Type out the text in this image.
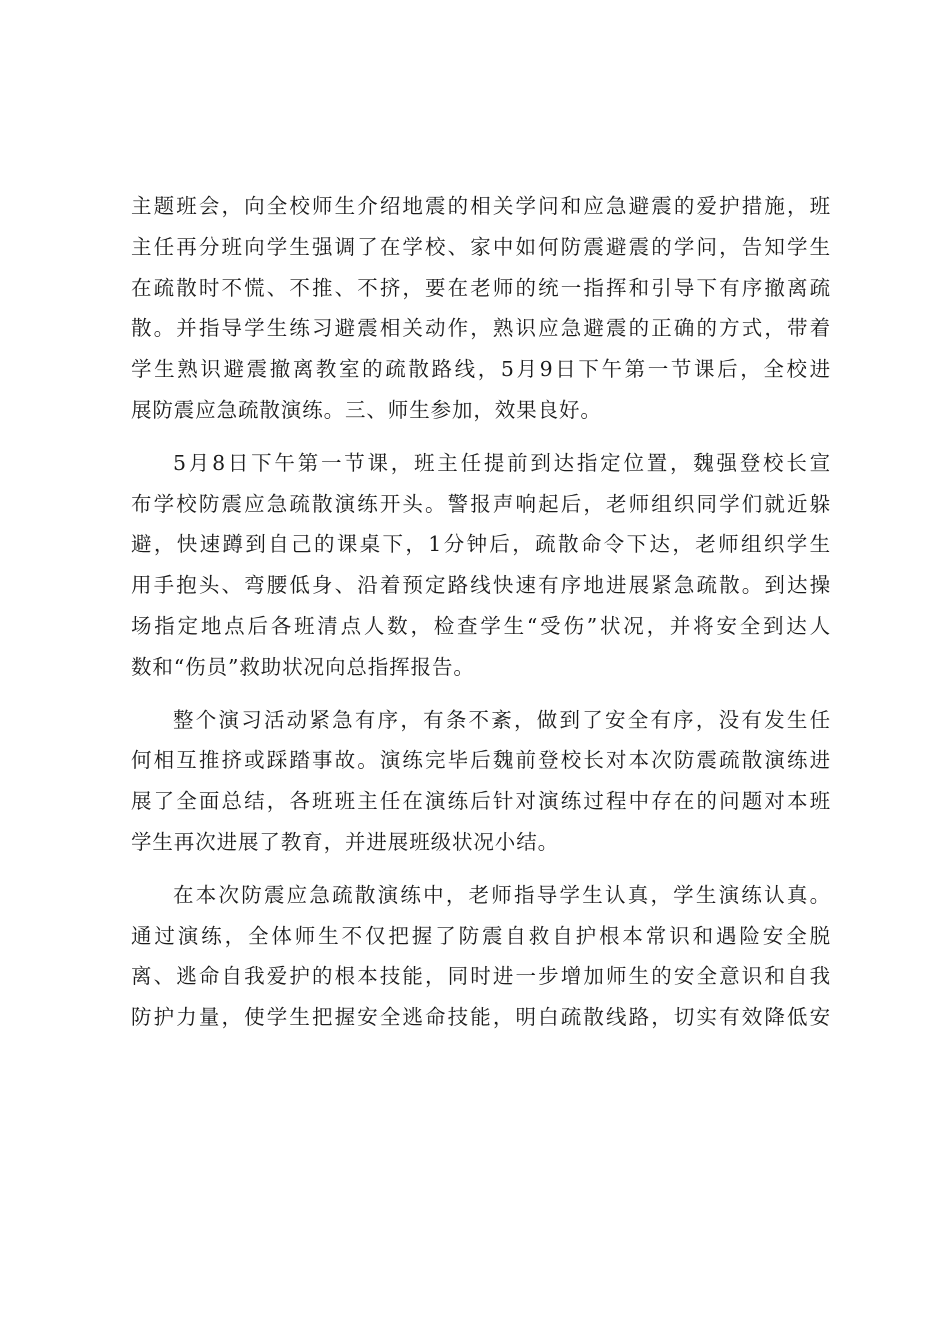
主题班会，向全校师生介绍地震的相关学问和应急避震的爱护措施，班
主任再分班向学生强调了在学校、家中如何防震避震的学问，告知学生
在疏散时不慌、不推、不挤，要在老师的统一指挥和引导下有序撤离疏
散。并指导学生练习避震相关动作，熟识应急避震的正确的方式，带着
学生熟识避震撤离教室的疏散路线，5月9日下午第一节课后，全校进
展防震应急疏散演练。三、师生参加，效果良好。
5月8日下午第一节课，班主任提前到达指定位置，魏强登校长宣
布学校防震应急疏散演练开头。警报声响起后，老师组织同学们就近躲
避，快速蹲到自己的课桌下，1分钟后，疏散命令下达，老师组织学生
用手抱头、弯腰低身、沿着预定路线快速有序地进展紧急疏散。到达操
场指定地点后各班清点人数，检查学生“受伤”状况，并将安全到达人
数和“伤员”救助状况向总指挥报告。
整个演习活动紧急有序，有条不紊，做到了安全有序，没有发生任
何相互推挤或踩踏事故。演练完毕后魏前登校长对本次防震疏散演练进
展了全面总结，各班班主任在演练后针对演练过程中存在的问题对本班
学生再次进展了教育，并进展班级状况小结。
在本次防震应急疏散演练中，老师指导学生认真，学生演练认真。
通过演练，全体师生不仅把握了防震自救自护根本常识和遇险安全脱
离、逃命自我爱护的根本技能，同时进一步增加师生的安全意识和自我
防护力量，使学生把握安全逃命技能，明白疏散线路，切实有效降低安
